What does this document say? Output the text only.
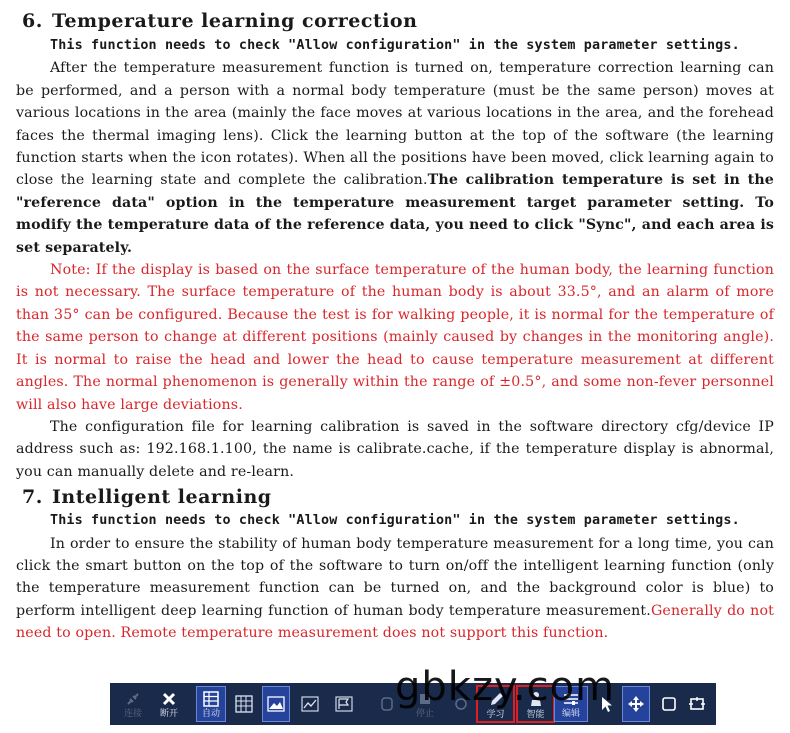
6. Temperature learning correction

This function needs to check "Allow configuration" in the system parameter settings.

After the temperature measurement function is turned on, temperature correction learning can be performed, and a person with a normal body temperature (must be the same person) moves at various locations in the area (mainly the face moves at various locations in the area, and the forehead faces the thermal imaging lens). Click the learning button at the top of the software (the learning function starts when the icon rotates). When all the positions have been moved, click learning again to close the learning state and complete the calibration.The calibration temperature is set in the "reference data" option in the temperature measurement target parameter setting. To modify the temperature data of the reference data, you need to click "Sync", and each area is set separately.

Note: If the display is based on the surface temperature of the human body, the learning function is not necessary. The surface temperature of the human body is about 33.5°, and an alarm of more than 35° can be configured. Because the test is for walking people, it is normal for the temperature of the same person to change at different positions (mainly caused by changes in the monitoring angle). It is normal to raise the head and lower the head to cause temperature measurement at different angles. The normal phenomenon is generally within the range of ±0.5°, and some non-fever personnel will also have large deviations.

The configuration file for learning calibration is saved in the software directory cfg/device IP address such as: 192.168.1.100, the name is calibrate.cache, if the temperature display is abnormal, you can manually delete and re-learn.

7. Intelligent learning

This function needs to check "Allow configuration" in the system parameter settings.

In order to ensure the stability of human body temperature measurement for a long time, you can click the smart button on the top of the software to turn on/off the intelligent learning function (only the temperature measurement function can be turned on, and the background color is blue) to perform intelligent deep learning function of human body temperature measurement.Generally do not need to open. Remote temperature measurement does not support this function.

连接 断开	自动	停止	学习 智能 编辑
gbkzy.com
